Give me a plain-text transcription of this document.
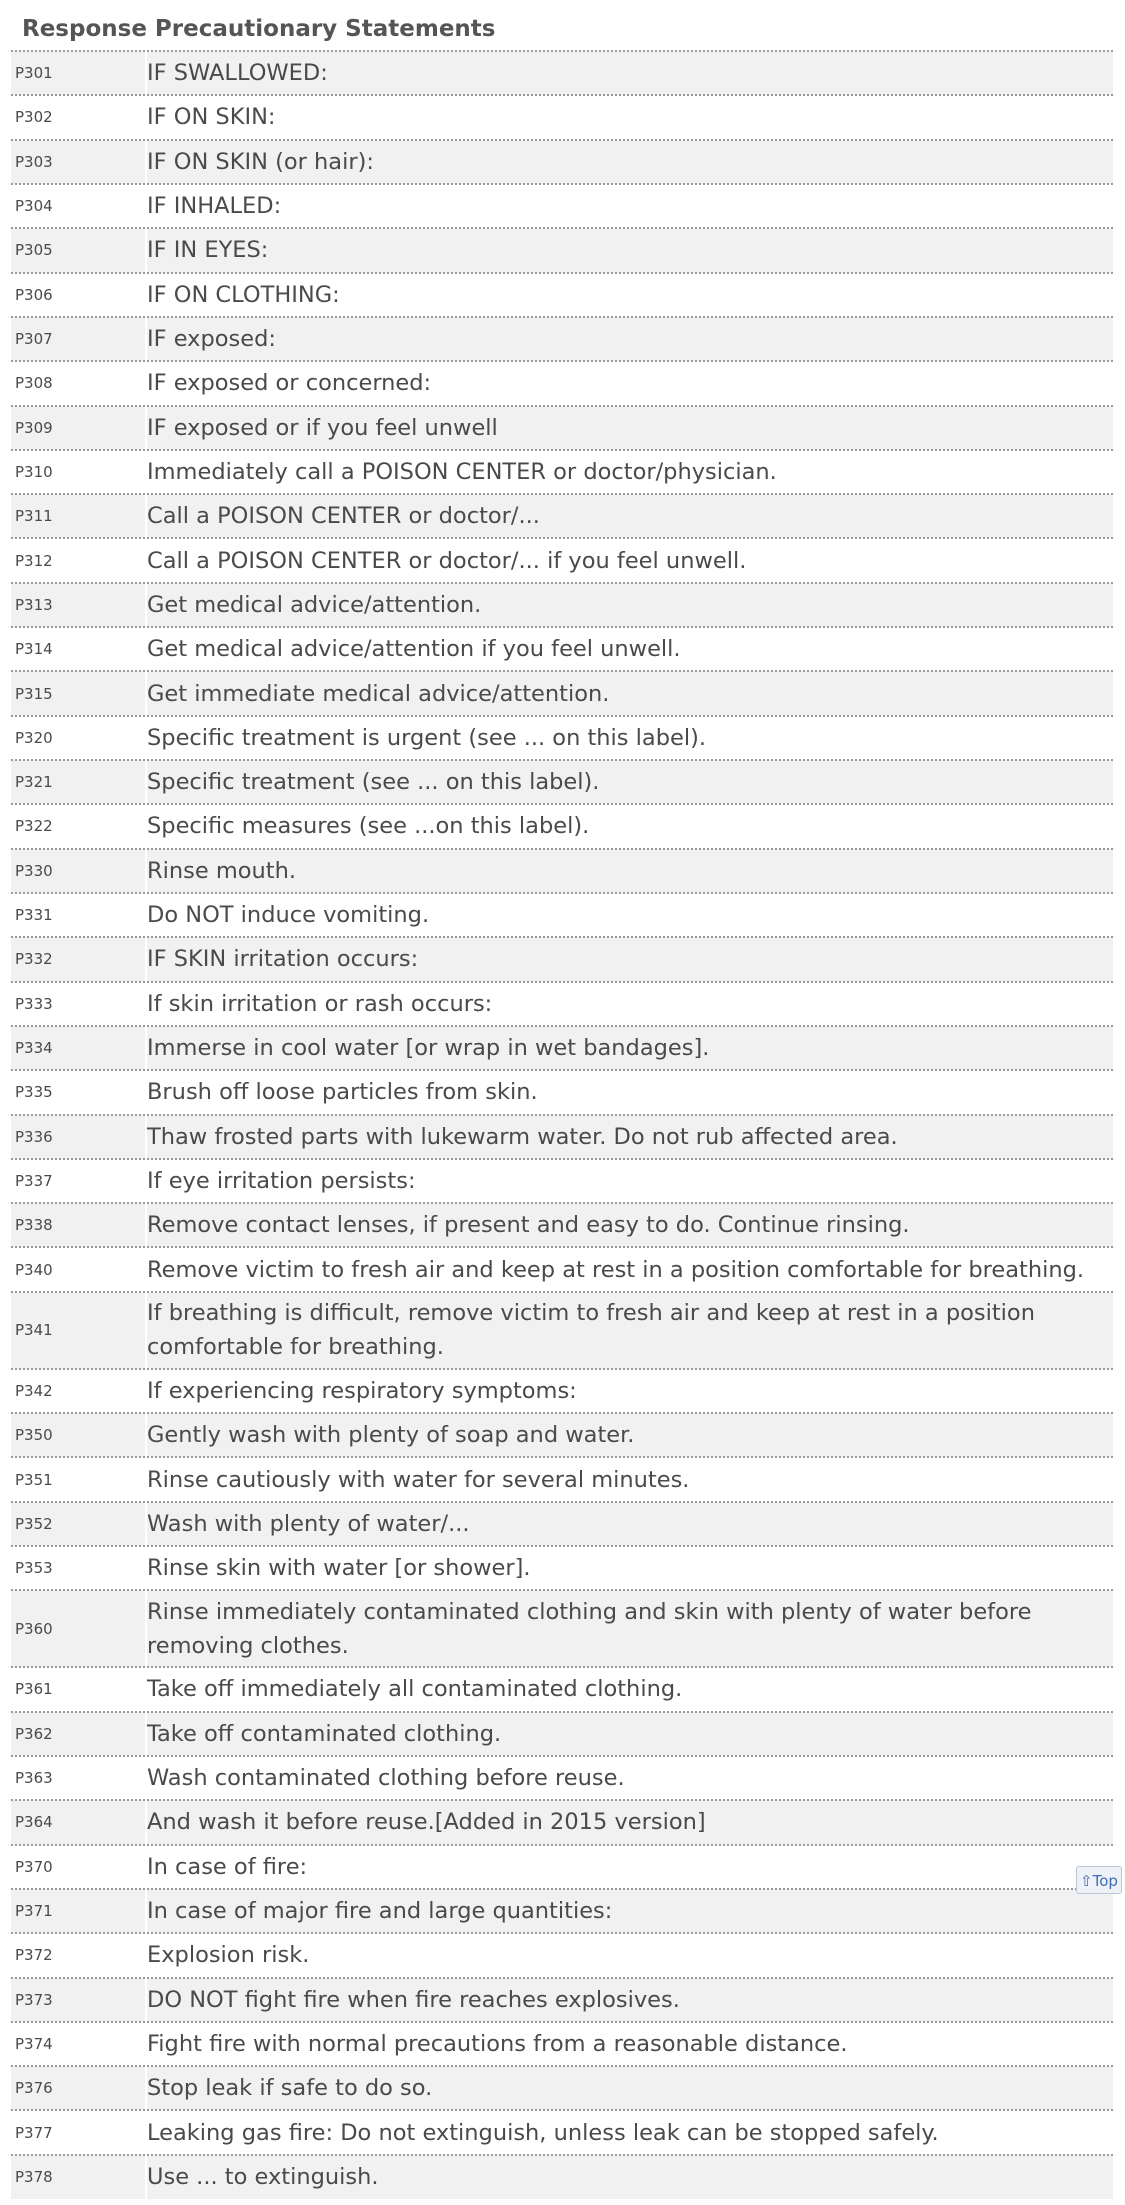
Response Precautionary Statements
P301	IF SWALLOWED:
P302	IF ON SKIN:
P303	IF ON SKIN (or hair):
P304	IF INHALED:
P305	IF IN EYES:
P306	IF ON CLOTHING:
P307	IF exposed:
P308	IF exposed or concerned:
P309	IF exposed or if you feel unwell
P310	Immediately call a POISON CENTER or doctor/physician.
P311	Call a POISON CENTER or doctor/...
P312	Call a POISON CENTER or doctor/... if you feel unwell.
P313	Get medical advice/attention.
P314	Get medical advice/attention if you feel unwell.
P315	Get immediate medical advice/attention.
P320	Specific treatment is urgent (see ... on this label).
P321	Specific treatment (see ... on this label).
P322	Specific measures (see ...on this label).
P330	Rinse mouth.
P331	Do NOT induce vomiting.
P332	IF SKIN irritation occurs:
P333	If skin irritation or rash occurs:
P334	Immerse in cool water [or wrap in wet bandages].
P335	Brush off loose particles from skin.
P336	Thaw frosted parts with lukewarm water. Do not rub affected area.
P337	If eye irritation persists:
P338	Remove contact lenses, if present and easy to do. Continue rinsing.
P340	Remove victim to fresh air and keep at rest in a position comfortable for breathing.
P341	If breathing is difficult, remove victim to fresh air and keep at rest in a position comfortable for breathing.
P342	If experiencing respiratory symptoms:
P350	Gently wash with plenty of soap and water.
P351	Rinse cautiously with water for several minutes.
P352	Wash with plenty of water/...
P353	Rinse skin with water [or shower].
P360	Rinse immediately contaminated clothing and skin with plenty of water before removing clothes.
P361	Take off immediately all contaminated clothing.
P362	Take off contaminated clothing.
P363	Wash contaminated clothing before reuse.
P364	And wash it before reuse.[Added in 2015 version]
P370	In case of fire:
P371	In case of major fire and large quantities:
P372	Explosion risk.
P373	DO NOT fight fire when fire reaches explosives.
P374	Fight fire with normal precautions from a reasonable distance.
P376	Stop leak if safe to do so.
P377	Leaking gas fire: Do not extinguish, unless leak can be stopped safely.
P378	Use ... to extinguish.
⇧Top
